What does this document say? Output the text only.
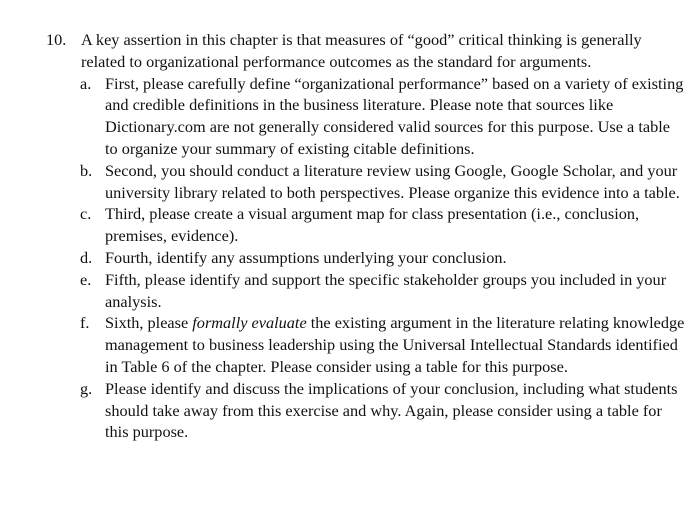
10. A key assertion in this chapter is that measures of “good” critical thinking is generally related to organizational performance outcomes as the standard for arguments.
a. First, please carefully define “organizational performance” based on a variety of existing and credible definitions in the business literature. Please note that sources like Dictionary.com are not generally considered valid sources for this purpose. Use a table to organize your summary of existing citable definitions.
b. Second, you should conduct a literature review using Google, Google Scholar, and your university library related to both perspectives. Please organize this evidence into a table.
c. Third, please create a visual argument map for class presentation (i.e., conclusion, premises, evidence).
d. Fourth, identify any assumptions underlying your conclusion.
e. Fifth, please identify and support the specific stakeholder groups you included in your analysis.
f. Sixth, please formally evaluate the existing argument in the literature relating knowledge management to business leadership using the Universal Intellectual Standards identified in Table 6 of the chapter. Please consider using a table for this purpose.
g. Please identify and discuss the implications of your conclusion, including what students should take away from this exercise and why. Again, please consider using a table for this purpose.
